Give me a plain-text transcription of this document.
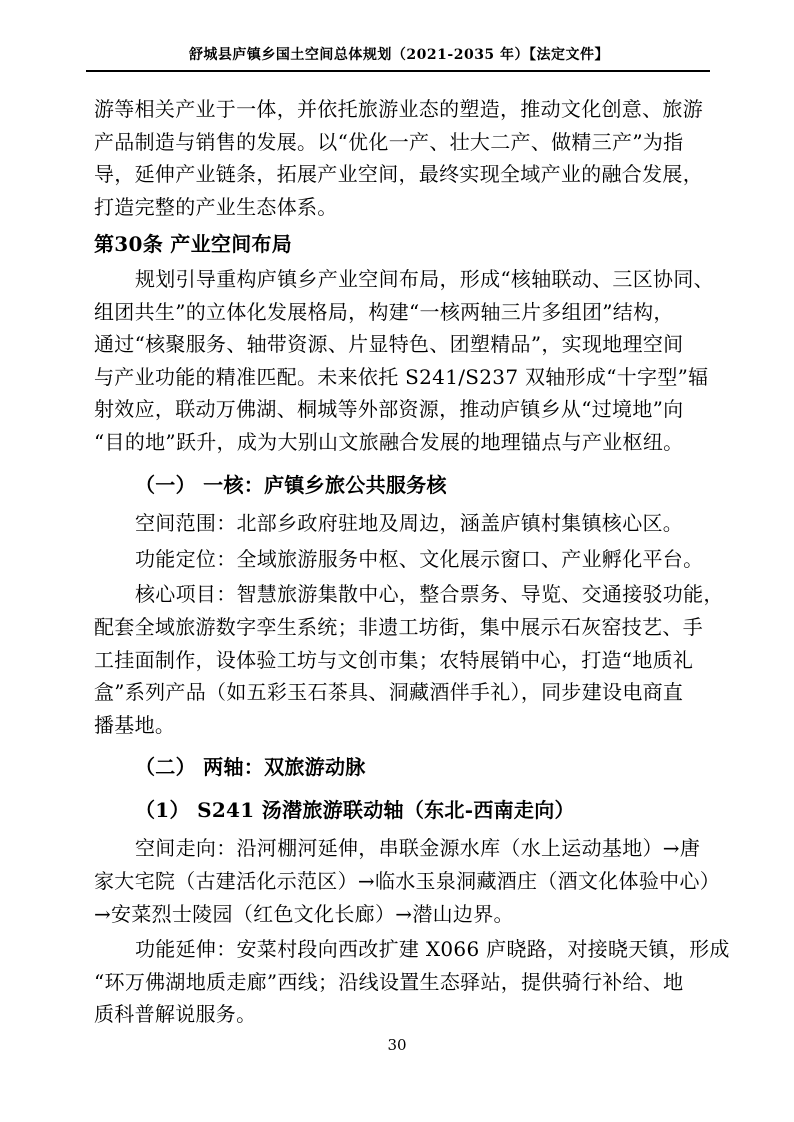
舒城县庐镇乡国土空间总体规划（2021-2035 年）【法定文件】
游等相关产业于一体，并依托旅游业态的塑造，推动文化创意、旅游
产品制造与销售的发展。以“优化一产、壮大二产、做精三产”为指
导，延伸产业链条，拓展产业空间，最终实现全域产业的融合发展，
打造完整的产业生态体系。
第30条 产业空间布局
规划引导重构庐镇乡产业空间布局，形成“核轴联动、三区协同、
组团共生”的立体化发展格局，构建“一核两轴三片多组团”结构，
通过“核聚服务、轴带资源、片显特色、团塑精品”，实现地理空间
与产业功能的精准匹配。未来依托 S241/S237 双轴形成“十字型”辐
射效应，联动万佛湖、桐城等外部资源，推动庐镇乡从“过境地”向
“目的地”跃升，成为大别山文旅融合发展的地理锚点与产业枢纽。
（一） 一核：庐镇乡旅公共服务核
空间范围：北部乡政府驻地及周边，涵盖庐镇村集镇核心区。
功能定位：全域旅游服务中枢、文化展示窗口、产业孵化平台。
核心项目：智慧旅游集散中心，整合票务、导览、交通接驳功能，
配套全域旅游数字孪生系统；非遗工坊街，集中展示石灰窑技艺、手
工挂面制作，设体验工坊与文创市集；农特展销中心，打造“地质礼
盒”系列产品（如五彩玉石茶具、洞藏酒伴手礼），同步建设电商直
播基地。
（二） 两轴：双旅游动脉
（1） S241 汤潜旅游联动轴（东北-西南走向）
空间走向：沿河棚河延伸，串联金源水库（水上运动基地）→唐
家大宅院（古建活化示范区）→临水玉泉洞藏酒庄（酒文化体验中心）
→安菜烈士陵园（红色文化长廊）→潜山边界。
功能延伸：安菜村段向西改扩建 X066 庐晓路，对接晓天镇，形成
“环万佛湖地质走廊”西线；沿线设置生态驿站，提供骑行补给、地
质科普解说服务。
30
